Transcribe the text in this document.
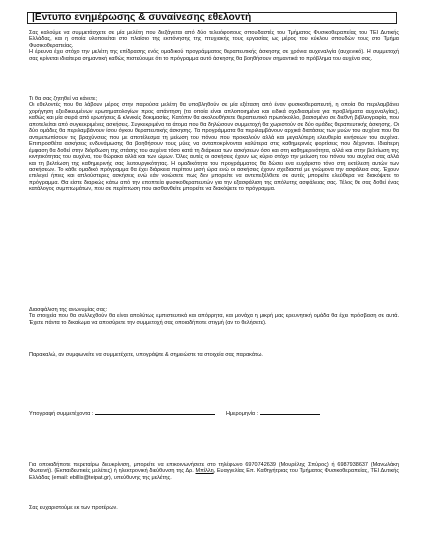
|Εντυπο ενημέρωσης & συναίνεσης εθελοντή

Σας καλούμε να συμμετάσχετε σε μία μελέτη που διεξάγεται από δύο τελειόφοιτους σπουδαστές του Τμήματος Φυσικοθεραπείας του ΤΕΙ Δυτικής Ελλάδας, και η οποία υλοποιείται στο πλαίσιο της εκπόνησης της πτυχιακής τους εργασίας ως μέρος του κύκλου σπουδών τους στο Τμήμα Φυσικοθεραπείας.

Η έρευνα έχει στόχο την μελέτη της επίδρασης ενός ομαδικού προγράμματος θεραπευτικής άσκησης σε χρόνια αυχεναλγία (αυχενικό). Η συμμετοχή σας κρίνεται ιδιαίτερα σημαντική καθώς πιστεύουμε ότι το πρόγραμμα αυτό άσκησης θα βοηθήσουν σημαντικά το πρόβλημα του αυχένα σας.

Τι θα σας ζητηθεί να κάνετε;

Οι εθελοντές που θα λάβουν μέρος στην παρούσα μελέτη θα υποβληθούν σε μία εξέταση από έναν φυσικοθεραπευτή, η οποία θα περιλαμβάνει χορήγηση εξειδικευμένων ερωτηματολογίων προς απάντηση (τα οποία είναι απλοποιημένα και ειδικά σχεδιασμένα για προβλήματα αυχεναλγίας), καθώς και μία σειρά από ερωτήσεις & κλινικές δοκιμασίες. Κατόπιν θα ακολουθήσετε θεραπευτικό πρωτόκολλο, βασισμένο σε διεθνή βιβλιογραφία, που αποτελείται από συγκεκριμένες ασκήσεις. Συγκεκριμένα τα άτομα που θα δηλώσουν συμμετοχή θα χωριστούν σε δύο ομάδες θεραπευτικής άσκησης. Οι δύο ομάδες θα περιλαμβάνουν ίσου όγκου θεραπευτικής άσκησης. Τα προγράμματα θα περιλαμβάνουν αρχικά διατάσεις των μυών του αυχένα που θα αντιμετωπίσουν τις βραχύνσεις που με αποτέλεσμα τη μείωση του πόνου που προκαλούν αλλά και μεγαλύτερη ελευθερία κινήσεων του αυχένα. Επιπροσθέτα ασκήσεις ενδυνάμωσης θα βοηθήσουν τους μύες να ανταποκρίνονται καλύτερα στις καθημερινές φορτίσεις που δέχονται. Ιδιαίτερη έμφαση θα δοθεί στην διόρθωση της στάσης του αυχένα τόσο κατά τη διάρκεια των ασκήσεων όσο και στη καθημερινότητα, αλλά και στην βελτίωση της κινητικότητας του αυχένα, του θώρακα αλλά και των ώμων. Όλες αυτές οι ασκήσεις έχουν ως κύριο στόχο την μείωση του πόνου του αυχένα σας αλλά και τη βελτίωση της καθημερινής σας λειτουργικότητας. Η ομαδικότητα του προγράμματος θα δώσει ενα ευχάριστο τόνο στη εκτέλεση αυτών των ασκήσεων. Το κάθε ομαδικό πρόγραμμα θα έχει διάρκεια περίπου μισή ώρα ενώ οι ασκήσεις έχουν σχεδιαστεί με γνώμονα την ασφάλεια σας. Έχουν επιλεγεί ήπιες και απλούστερες ασκήσεις ενώ εάν νοιώσετε πως δεν μπορείτε να αντεπεξέλθετε σε αυτές μπορείτε ελεύθερα να διακόψετε το πρόγραμμα. Θα είστε διαρκώς κάτω από την εποπτεία φυσικοθεραπευτών για την εξασφάλιση της απόλυτης ασφάλειας σας. Τέλος θε σας δοθεί ένας κατάλογος συμπτωμάτων, που σε περίπτωση που αισθανθείτε μπορείτε να διακόψετε το πρόγραμμα.

Διασφάλιση της ανωνυμίας σας:

Τα στοιχεία που θα συλλεχθούν θα είναι απολύτως εμπιστευτικά και απόρρητα, και μονάχα η μικρή μας ερευνητική ομάδα θα έχει πρόσβαση σε αυτά. Έχετε πάντα το δικαίωμα να αποσύρετε την συμμετοχή σας οποιαδήποτε στιγμή (αν το θελήσετε).

Παρακαλώ, αν συμφωνείτε να συμμετέχετε, υπογράψτε & σημειώστε τα στοιχεία σας παρακάτω.
Υπογραφή συμμετέχοντα :	Ημερομηνία :

Για οποιαδήποτε περεταίρω διευκρίνιση, μπορείτε να επικοινωνήσετε στο τηλέφωνο 6970742639 (Μουρέλης Σπύρος) ή 6987938637 (Μανωλάκη Φωτεινή). (Εκπαιδευτικές μελέτες) ή ηλεκτρονική διεύθυνση της Δρ. Μπίλλη, Ευαγγελίας Επ. Καθηγήτριας του Τμήματος Φυσικοθεραπείας, ΤΕΙ Δυτικής Ελλάδας (email: ebillis@teipat.gr), υπεύθυνης της μελέτης.

Σας ευχαριστούμε εκ των προτέρων.
